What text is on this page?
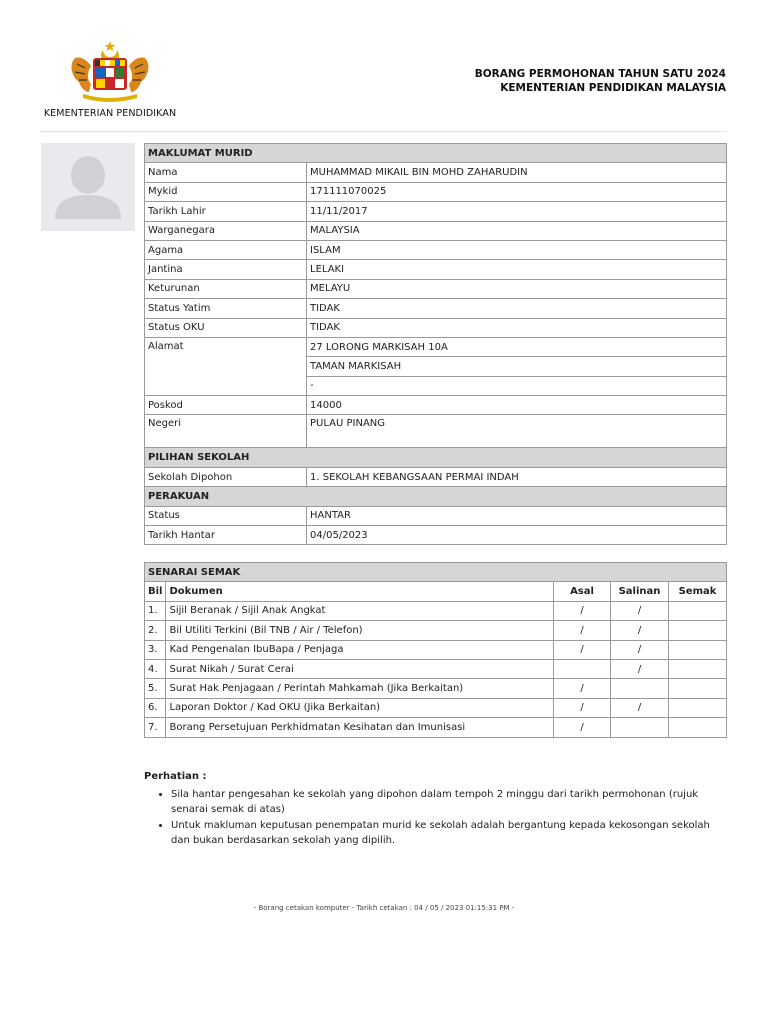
KEMENTERIAN PENDIDIKAN
BORANG PERMOHONAN TAHUN SATU 2024
KEMENTERIAN PENDIDIKAN MALAYSIA
MAKLUMAT MURID	
Nama	MUHAMMAD MIKAIL BIN MOHD ZAHARUDIN
Mykid	171111070025
Tarikh Lahir	11/11/2017
Warganegara	MALAYSIA
Agama	ISLAM
Jantina	LELAKI
Keturunan	MELAYU
Status Yatim	TIDAK
Status OKU	TIDAK
Alamat	27 LORONG MARKISAH 10A
	TAMAN MARKISAH
	-
Poskod	14000
Negeri	PULAU PINANG
PILIHAN SEKOLAH	
Sekolah Dipohon	1. SEKOLAH KEBANGSAAN PERMAI INDAH
PERAKUAN	
Status	HANTAR
Tarikh Hantar	04/05/2023
SENARAI SEMAK				
Bil	Dokumen	Asal	Salinan	Semak
1.	Sijil Beranak / Sijil Anak Angkat	/	/	
2.	Bil Utiliti Terkini (Bil TNB / Air / Telefon)	/	/	
3.	Kad Pengenalan IbuBapa / Penjaga	/	/	
4.	Surat Nikah / Surat Cerai		/	
5.	Surat Hak Penjagaan / Perintah Mahkamah (Jika Berkaitan)	/		
6.	Laporan Doktor / Kad OKU (Jika Berkaitan)	/	/	
7.	Borang Persetujuan Perkhidmatan Kesihatan dan Imunisasi	/		
Perhatian :
• Sila hantar pengesahan ke sekolah yang dipohon dalam tempoh 2 minggu dari tarikh permohonan (rujuk senarai semak di atas)
• Untuk makluman keputusan penempatan murid ke sekolah adalah bergantung kepada kekosongan sekolah dan bukan berdasarkan sekolah yang dipilih.
- Borang cetakan komputer - Tarikh cetakan : 04 / 05 / 2023 01:15:31 PM -
